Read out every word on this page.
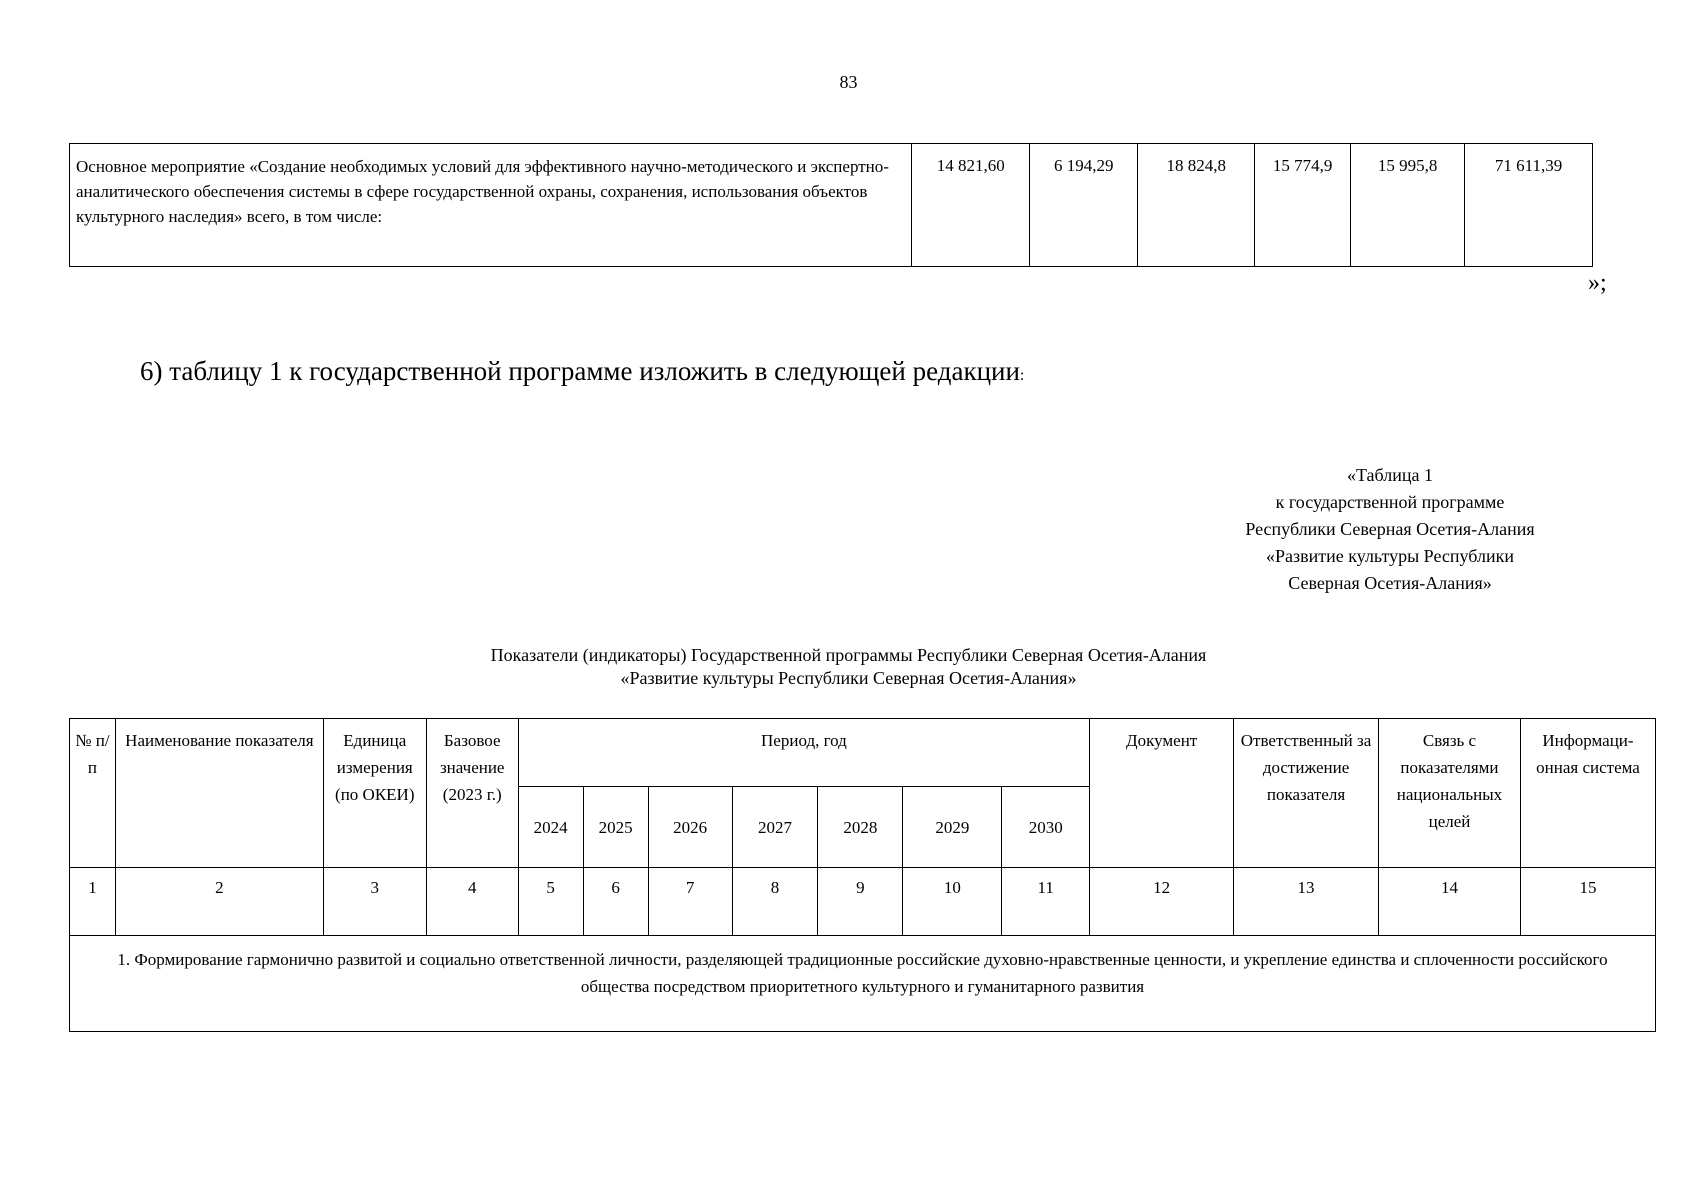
83
Основное мероприятие «Создание необходимых условий для эффективного научно-методического и экспертно-аналитического обеспечения системы в сфере государственной охраны, сохранения, использования объектов культурного наследия» всего, в том числе:	14 821,60	6 194,29	18 824,8	15 774,9	15 995,8	71 611,39
»;
6) таблицу 1 к государственной программе изложить в следующей редакции:
«Таблица 1
к государственной программе
Республики Северная Осетия-Алания
«Развитие культуры Республики
Северная Осетия-Алания»
Показатели (индикаторы) Государственной программы Республики Северная Осетия-Алания
«Развитие культуры Республики Северная Осетия-Алания»
№ п/п	Наименование показателя	Единица измерения (по ОКЕИ)	Базовое значение (2023 г.)	Период, год							Документ	Ответственный за достижение показателя	Связь с показателями национальных целей	Информаци-онная система
				2024	2025	2026	2027	2028	2029	2030				
1	2	3	4	5	6	7	8	9	10	11	12	13	14	15
1. Формирование гармонично развитой и социально ответственной личности, разделяющей традиционные российские духовно-нравственные ценности, и укрепление единства и сплоченности российского общества посредством приоритетного культурного и гуманитарного развития														
